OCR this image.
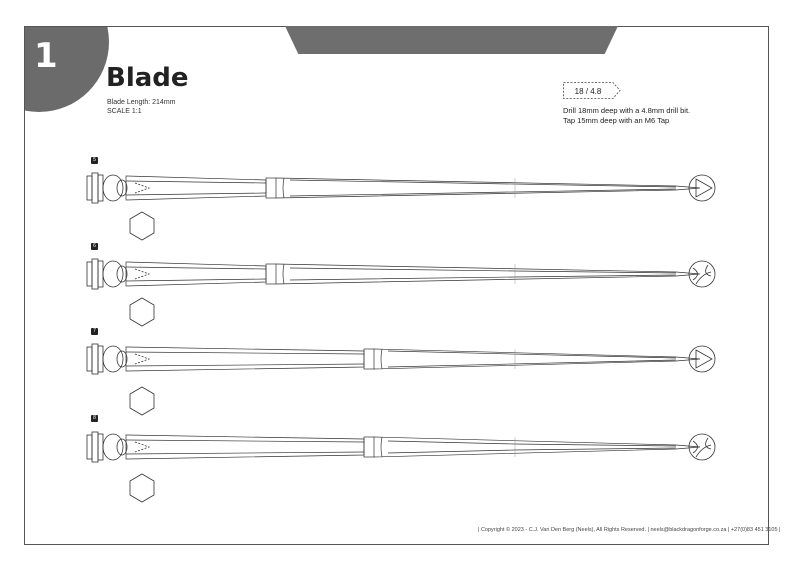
1
Blade
Blade Length: 214mm
SCALE 1:1
18 / 4.8
Drill 18mm deep with a 4.8mm drill bit.
Tap 15mm deep with an M6 Tap
5
6
7
8
| Copyright © 2023 - C.J. Van Den Berg (Neels), All Rights Reserved. | neels@blackdragonforge.co.za | +27(0)83 451 3105 |
